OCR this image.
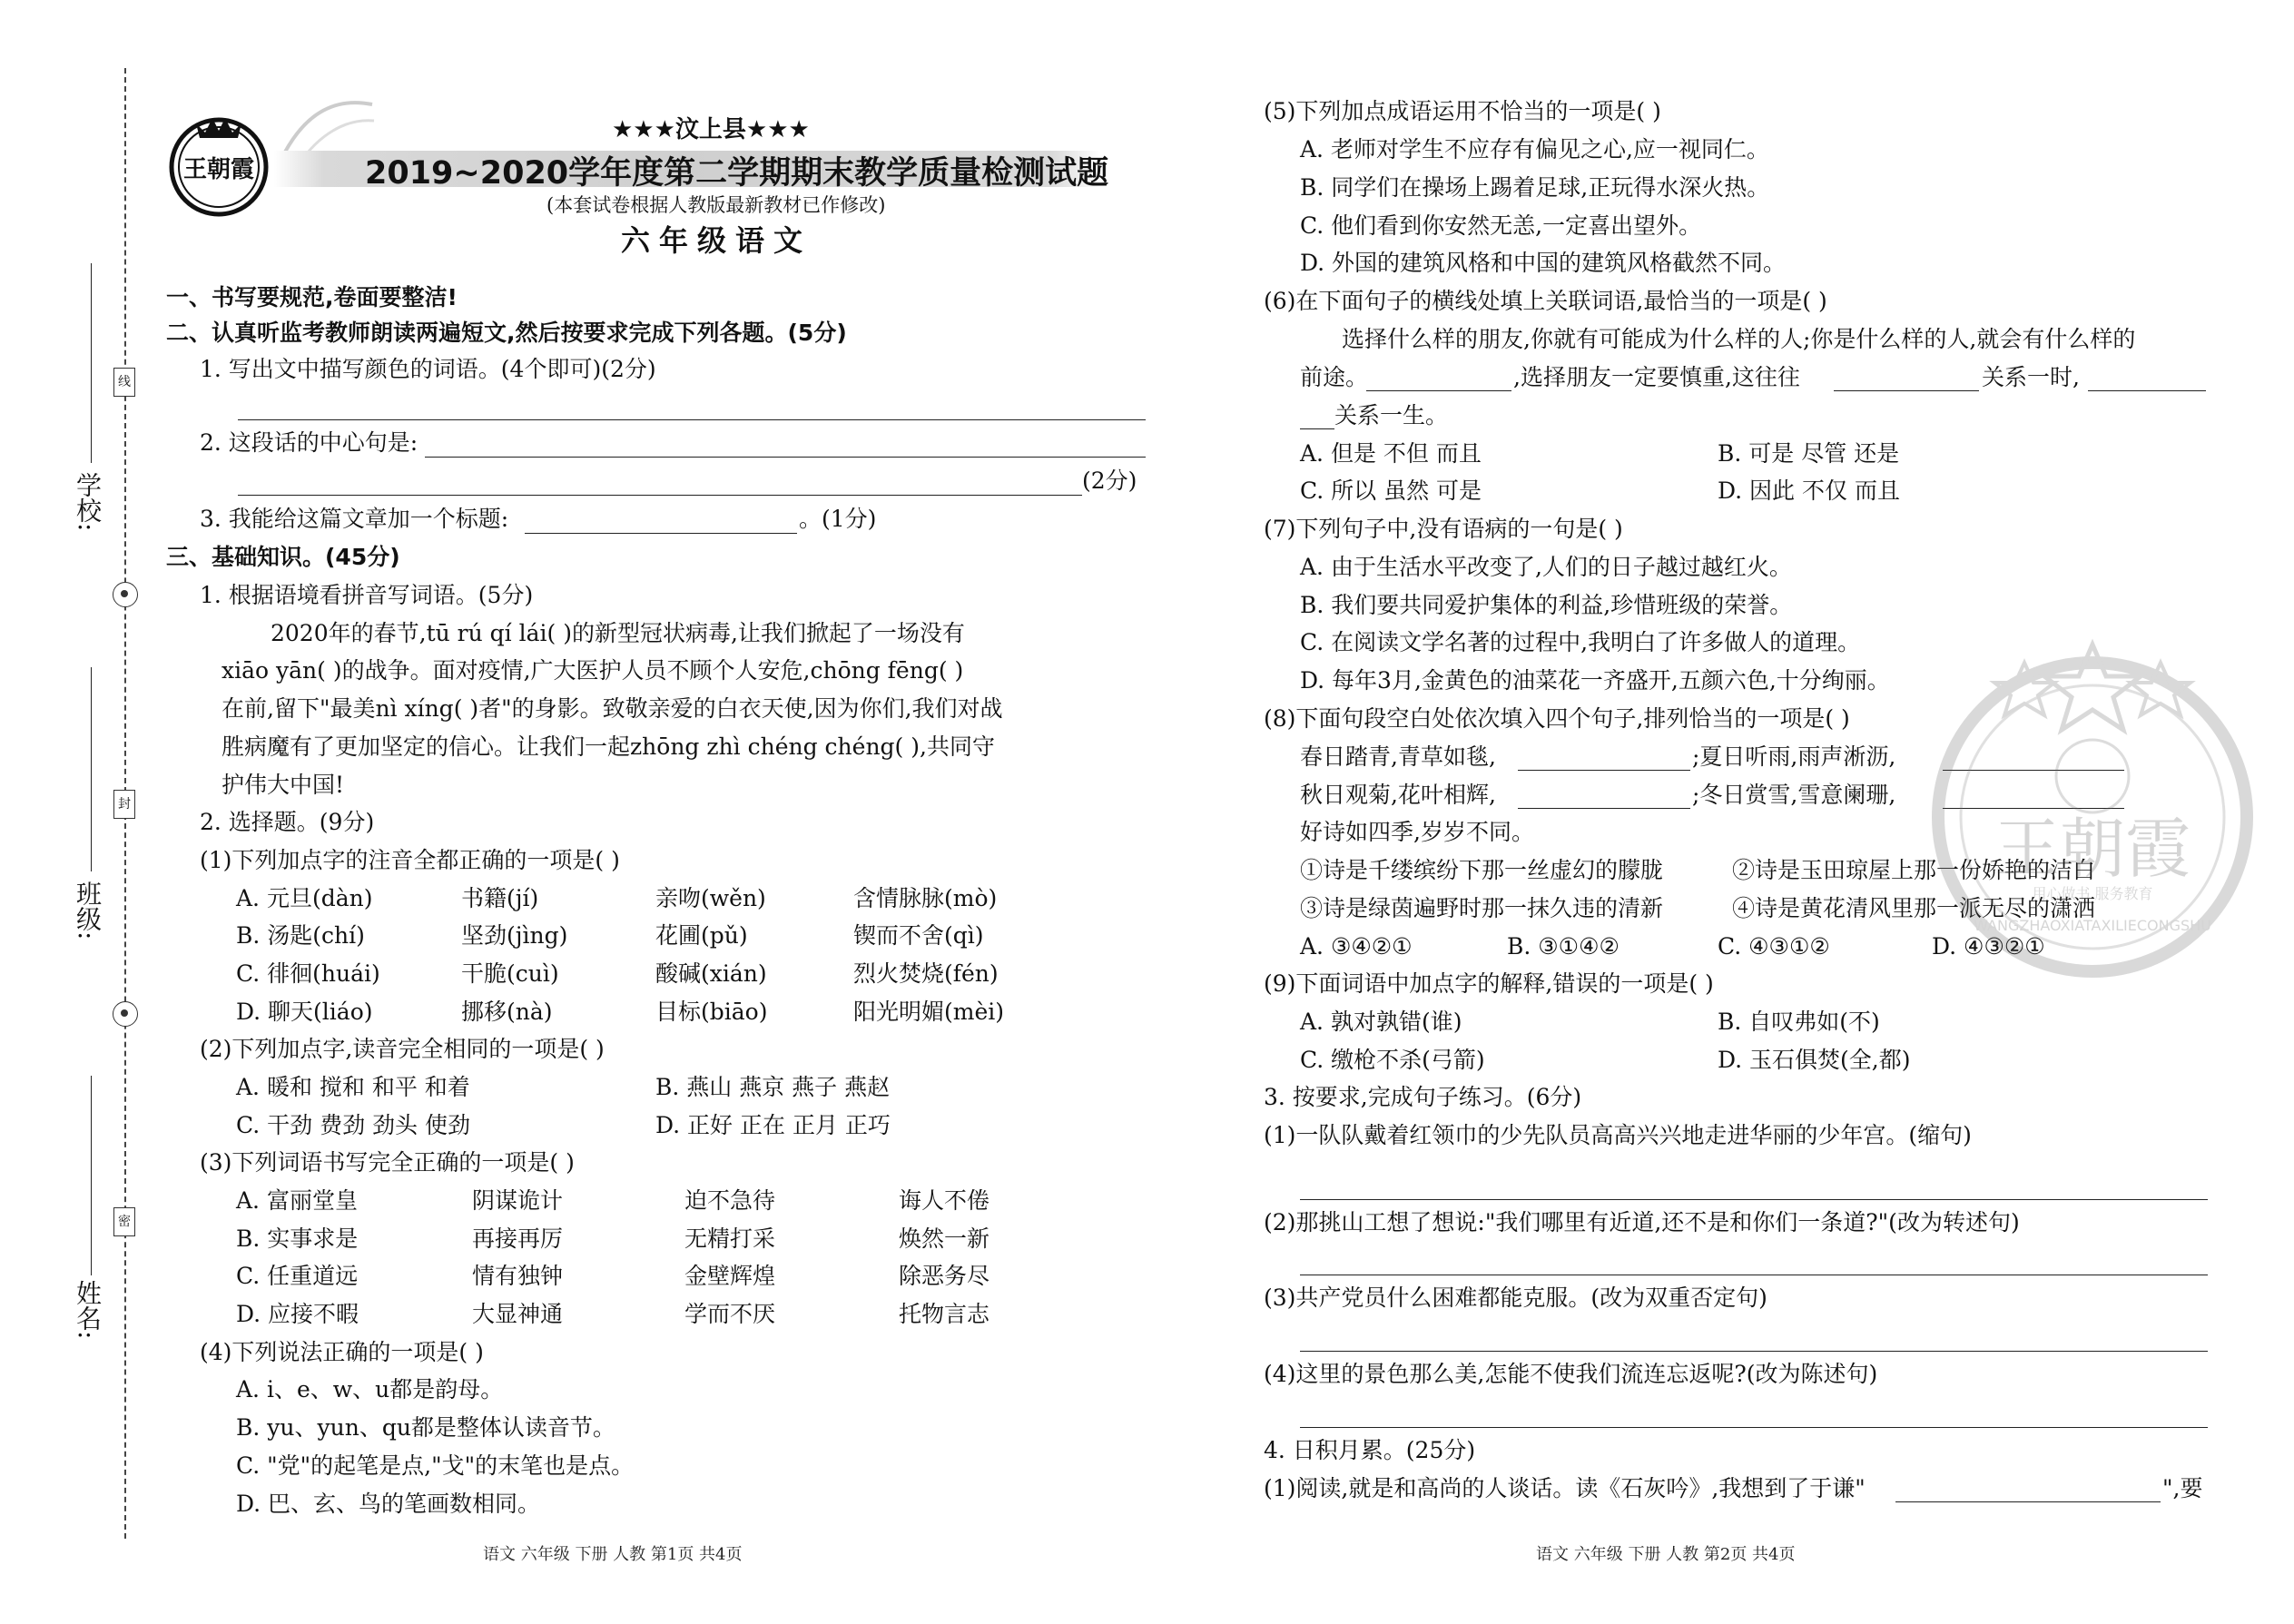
线
封
密
学校:
班级:
姓名:
王朝霞
★★★汶上县★★★
2019~2020学年度第二学期期末教学质量检测试题
(本套试卷根据人教版最新教材已作修改)
六年级语文
一、书写要规范,卷面要整洁!
二、认真听监考教师朗读两遍短文,然后按要求完成下列各题。(5分)
1. 写出文中描写颜色的词语。(4个即可)(2分)
2. 这段话的中心句是:
(2分)
3. 我能给这篇文章加一个标题:	。(1分)
三、基础知识。(45分)
1. 根据语境看拼音写词语。(5分)
2020年的春节,tū rú qí lái( )的新型冠状病毒,让我们掀起了一场没有
xiāo yān( )的战争。面对疫情,广大医护人员不顾个人安危,chōng fēng( )
在前,留下"最美nì xíng( )者"的身影。致敬亲爱的白衣天使,因为你们,我们对战
胜病魔有了更加坚定的信心。让我们一起zhōng zhì chéng chéng( ),共同守
护伟大中国!
2. 选择题。(9分)
(1)下列加点字的注音全都正确的一项是( )
A. 元旦(dàn)	书籍(jí)	亲吻(wěn)	含情脉脉(mò)
B. 汤匙(chí)	坚劲(jìng)	花圃(pǔ)	锲而不舍(qì)
C. 徘徊(huái)	干脆(cuì)	酸碱(xián)	烈火焚烧(fén)
D. 聊天(liáo)	挪移(nà)	目标(biāo)	阳光明媚(mèi)
(2)下列加点字,读音完全相同的一项是( )
A. 暖和 搅和 和平 和着	B. 燕山 燕京 燕子 燕赵
C. 干劲 费劲 劲头 使劲	D. 正好 正在 正月 正巧
(3)下列词语书写完全正确的一项是( )
A. 富丽堂皇	阴谋诡计	迫不急待	诲人不倦
B. 实事求是	再接再厉	无精打采	焕然一新
C. 任重道远	情有独钟	金壁辉煌	除恶务尽
D. 应接不暇	大显神通	学而不厌	托物言志
(4)下列说法正确的一项是( )
A. i、e、w、u都是韵母。
B. yu、yun、qu都是整体认读音节。
C. "党"的起笔是点,"戈"的末笔也是点。
D. 巴、玄、鸟的笔画数相同。
语文 六年级 下册 人教 第1页 共4页
(5)下列加点成语运用不恰当的一项是( )
A. 老师对学生不应存有偏见之心,应一视同仁。
B. 同学们在操场上踢着足球,正玩得水深火热。
C. 他们看到你安然无恙,一定喜出望外。
D. 外国的建筑风格和中国的建筑风格截然不同。
(6)在下面句子的横线处填上关联词语,最恰当的一项是( )
选择什么样的朋友,你就有可能成为什么样的人;你是什么样的人,就会有什么样的
前途。	,选择朋友一定要慎重,这往往	关系一时,
关系一生。
A. 但是 不但 而且	B. 可是 尽管 还是
C. 所以 虽然 可是	D. 因此 不仅 而且
(7)下列句子中,没有语病的一句是( )
A. 由于生活水平改变了,人们的日子越过越红火。
B. 我们要共同爱护集体的利益,珍惜班级的荣誉。
C. 在阅读文学名著的过程中,我明白了许多做人的道理。
D. 每年3月,金黄色的油菜花一齐盛开,五颜六色,十分绚丽。
(8)下面句段空白处依次填入四个句子,排列恰当的一项是( )
春日踏青,青草如毯,	;夏日听雨,雨声淅沥,
秋日观菊,花叶相辉,	;冬日赏雪,雪意阑珊,
好诗如四季,岁岁不同。
①诗是千缕缤纷下那一丝虚幻的朦胧	②诗是玉田琼屋上那一份娇艳的洁白
③诗是绿茵遍野时那一抹久违的清新	④诗是黄花清风里那一派无尽的潇洒
A. ③④②①	B. ③①④②	C. ④③①②	D. ④③②①
(9)下面词语中加点字的解释,错误的一项是( )
A. 孰对孰错(谁)	B. 自叹弗如(不)
C. 缴枪不杀(弓箭)	D. 玉石俱焚(全,都)
3. 按要求,完成句子练习。(6分)
(1)一队队戴着红领巾的少先队员高高兴兴地走进华丽的少年宫。(缩句)
(2)那挑山工想了想说:"我们哪里有近道,还不是和你们一条道?"(改为转述句)
(3)共产党员什么困难都能克服。(改为双重否定句)
(4)这里的景色那么美,怎能不使我们流连忘返呢?(改为陈述句)
4. 日积月累。(25分)
(1)阅读,就是和高尚的人谈话。读《石灰吟》,我想到了于谦"	",要
语文 六年级 下册 人教 第2页 共4页
王朝霞
用心做书 服务教育
WANGZHAOXIATAXILIECONGSHU
